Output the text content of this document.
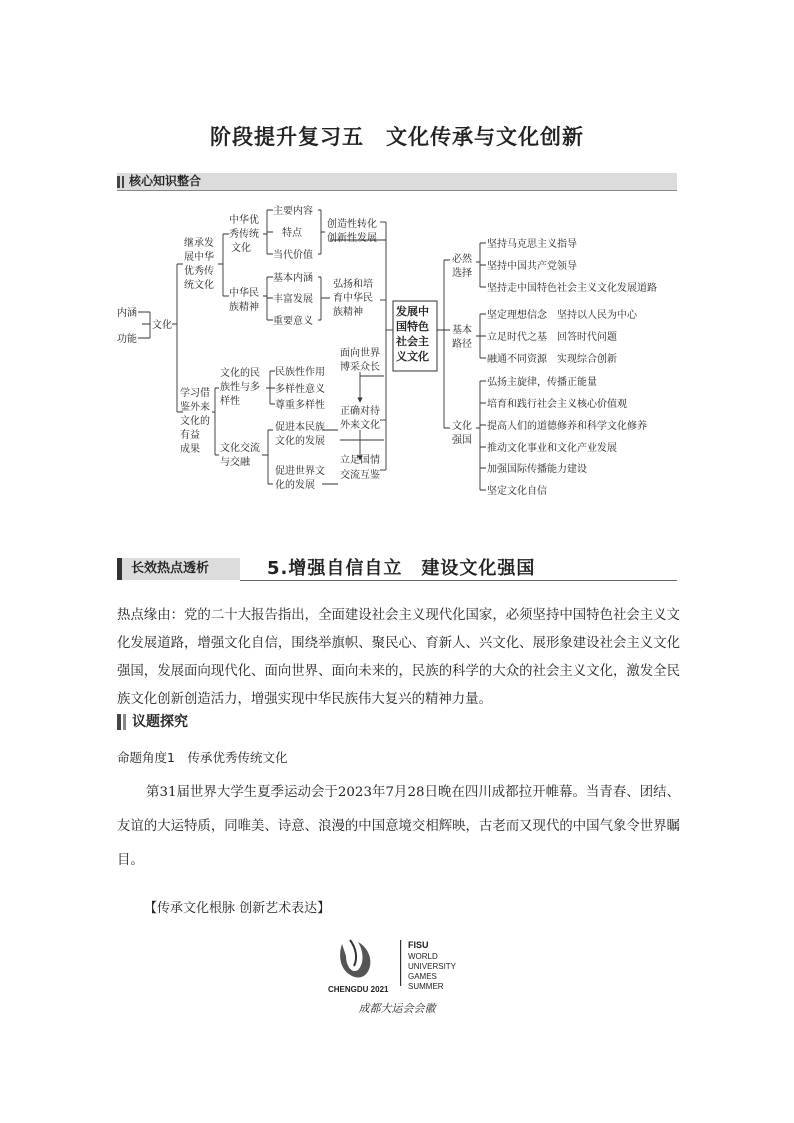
阶段提升复习五　文化传承与文化创新
核心知识整合
内涵
功能
文化
继承发
展中华
优秀传
统文化
中华优
秀传统
文化
主要内容
特点
当代价值
创造性转化
创新性发展
中华民
族精神
基本内涵
丰富发展
重要意义
弘扬和培
育中华民
族精神
学习借
鉴外来
文化的
有益
成果
文化的民
族性与多
样性
民族性作用
多样性意义
尊重多样性
文化交流
与交融
促进本民族
文化的发展
促进世界文
化的发展
面向世界
博采众长
正确对待
外来文化
立足国情
交流互鉴
发展中
国特色
社会主
义文化
必然
选择
坚持马克思主义指导
坚持中国共产党领导
坚持走中国特色社会主义文化发展道路
基本
路径
坚定理想信念　坚持以人民为中心
立足时代之基　回答时代问题
融通不同资源　实现综合创新
文化
强国
弘扬主旋律，传播正能量
培育和践行社会主义核心价值观
提高人们的道德修养和科学文化修养
推动文化事业和文化产业发展
加强国际传播能力建设
坚定文化自信
长效热点透析	5.增强自信自立　建设文化强国
热点缘由：党的二十大报告指出，全面建设社会主义现代化国家，必须坚持中国特色社会主义文化发展道路，增强文化自信，围绕举旗帜、聚民心、育新人、兴文化、展形象建设社会主义文化强国，发展面向现代化、面向世界、面向未来的，民族的科学的大众的社会主义文化，激发全民族文化创新创造活力，增强实现中华民族伟大复兴的精神力量。
议题探究
命题角度1　传承优秀传统文化
第31届世界大学生夏季运动会于2023年7月28日晚在四川成都拉开帷幕。当青春、团结、友谊的大运特质，同唯美、诗意、浪漫的中国意境交相辉映，古老而又现代的中国气象令世界瞩目。
【传承文化根脉 创新艺术表达】
CHENGDU 2021
FISU
WORLD
UNIVERSITY
GAMES
SUMMER
成都大运会会徽
